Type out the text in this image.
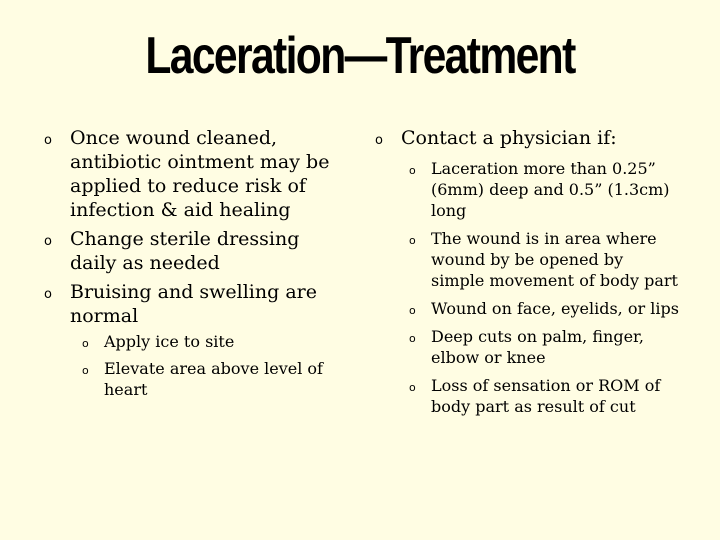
Laceration—Treatment
o Once wound cleaned, antibiotic ointment may be applied to reduce risk of infection & aid healing
o Change sterile dressing daily as needed
o Bruising and swelling are normal
o Apply ice to site
o Elevate area above level of heart
o Contact a physician if:
o Laceration more than 0.25” (6mm) deep and 0.5” (1.3cm) long
o The wound is in area where wound by be opened by simple movement of body part
o Wound on face, eyelids, or lips
o Deep cuts on palm, finger, elbow or knee
o Loss of sensation or ROM of body part as result of cut
